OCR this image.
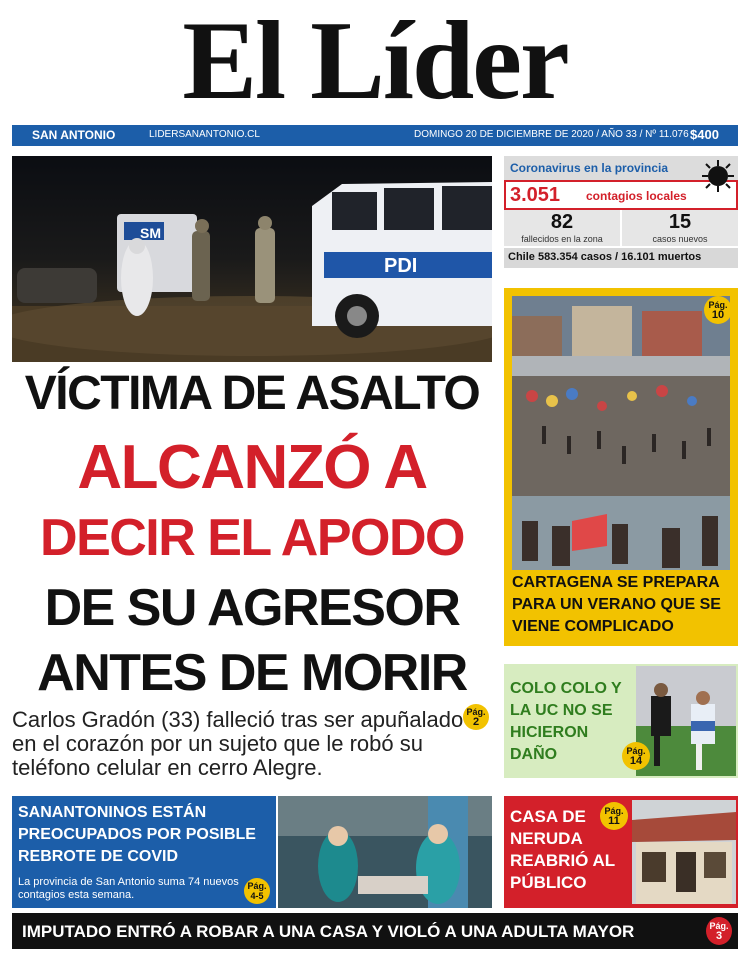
El Líder
SAN ANTONIO	LIDERSANANTONIO.CL	DOMINGO 20 DE DICIEMBRE DE 2020 / AÑO 33 / Nº 11.076 $400
SM
PDI
VÍCTIMA DE ASALTO
ALCANZÓ A
DECIR EL APODO
DE SU AGRESOR
ANTES DE MORIR
Carlos Gradón (33) falleció tras ser apuñalado en el corazón por un sujeto que le robó su teléfono celular en cerro Alegre.
Pág.
2
Coronavirus en la provincia
3.051 contagios locales
82
fallecidos en la zona
15
casos nuevos
Chile 583.354 casos / 16.101 muertos
Pág.
10
CARTAGENA SE PREPARA PARA UN VERANO QUE SE VIENE COMPLICADO
COLO COLO Y LA UC NO SE HICIERON DAÑO	Pág.
14
SANANTONINOS ESTÁN PREOCUPADOS POR POSIBLE REBROTE DE COVID
La provincia de San Antonio suma 74 nuevos contagios esta semana.
Pág.
4-5
CASA DE NERUDA REABRIÓ AL PÚBLICO
Pág.
11
IMPUTADO ENTRÓ A ROBAR A UNA CASA Y VIOLÓ A UNA ADULTA MAYOR	Pág.
3
